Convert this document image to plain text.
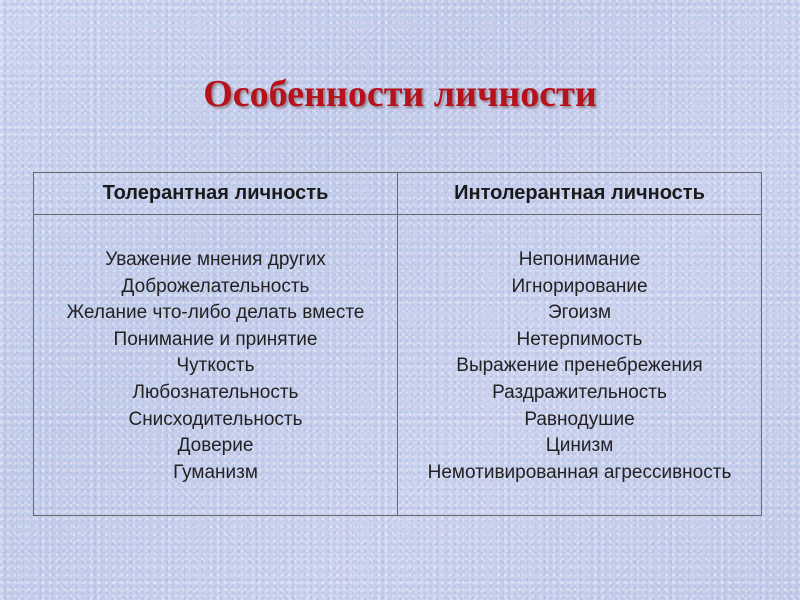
Особенности личности
Толерантная личность	Интолерантная личность
Уважение мнения других
Доброжелательность
Желание что-либо делать вместе
Понимание и принятие
Чуткость
Любознательность
Снисходительность
Доверие
Гуманизм
Непонимание
Игнорирование
Эгоизм
Нетерпимость
Выражение пренебрежения
Раздражительность
Равнодушие
Цинизм
Немотивированная агрессивность
